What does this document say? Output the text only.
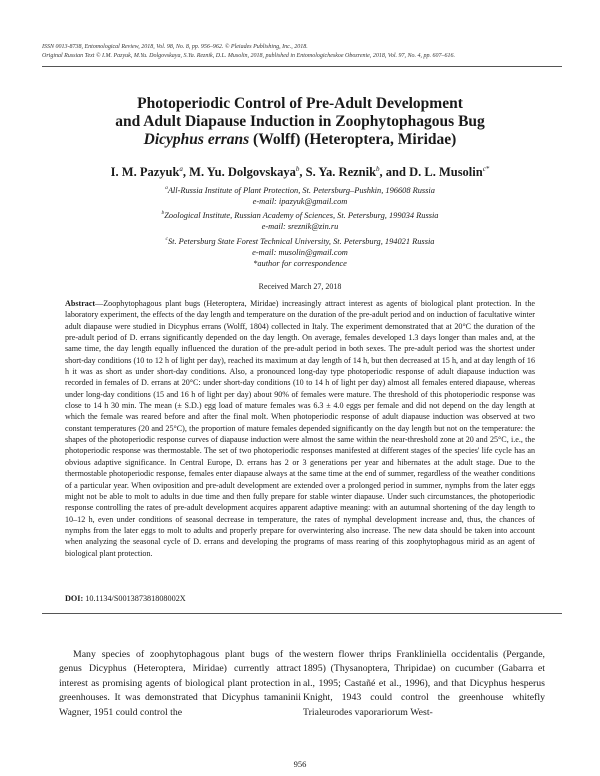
ISSN 0013-8738, Entomological Review, 2018, Vol. 98, No. 8, pp. 956–962. © Pleiades Publishing, Inc., 2018.
Original Russian Text © I.M. Pazyuk, M.Yu. Dolgovskaya, S.Ya. Reznik, D.L. Musolin, 2018, published in Entomologicheskoe Obozrenie, 2018, Vol. 97, No. 4, pp. 607–616.
Photoperiodic Control of Pre-Adult Development
and Adult Diapause Induction in Zoophytophagous Bug
Dicyphus errans (Wolff) (Heteroptera, Miridae)
I. M. Pazyuk$^a$, M. Yu. Dolgovskaya$^b$, S. Ya. Reznik$^b$, and D. L. Musolin$^{c*}$
$^a$All-Russia Institute of Plant Protection, St. Petersburg–Pushkin, 196608 Russia
e-mail: ipazyuk@gmail.com
$^b$Zoological Institute, Russian Academy of Sciences, St. Petersburg, 199034 Russia
e-mail: sreznik@zin.ru
$^c$St. Petersburg State Forest Technical University, St. Petersburg, 194021 Russia
e-mail: musolin@gmail.com
*author for correspondence
Received March 27, 2018

Abstract—Zoophytophagous plant bugs (Heteroptera, Miridae) increasingly attract interest as agents of biological plant protection. In the laboratory experiment, the effects of the day length and temperature on the duration of the pre-adult period and on induction of facultative winter adult diapause were studied in Dicyphus errans (Wolff, 1804) collected in Italy. The experiment demonstrated that at 20°C the duration of the pre-adult period of D. errans significantly depended on the day length. On average, females developed 1.3 days longer than males and, at the same time, the day length equally influenced the duration of the pre-adult period in both sexes. The pre-adult period was the shortest under short-day conditions (10 to 12 h of light per day), reached its maximum at day length of 14 h, but then decreased at 15 h, and at day length of 16 h it was as short as under short-day conditions. Also, a pronounced long-day type photoperiodic response of adult diapause induction was recorded in females of D. errans at 20°C: under short-day conditions (10 to 14 h of light per day) almost all females entered diapause, whereas under long-day conditions (15 and 16 h of light per day) about 90% of females were mature. The threshold of this photoperiodic response was close to 14 h 30 min. The mean (± S.D.) egg load of mature females was 6.3 ± 4.0 eggs per female and did not depend on the day length at which the female was reared before and after the final molt. When photoperiodic response of adult diapause induction was observed at two constant temperatures (20 and 25°C), the proportion of mature females depended significantly on the day length but not on the temperature: the shapes of the photoperiodic response curves of diapause induction were almost the same within the near-threshold zone at 20 and 25°C, i.e., the photoperiodic response was thermostable. The set of two photoperiodic responses manifested at different stages of the species' life cycle has an obvious adaptive significance. In Central Europe, D. errans has 2 or 3 generations per year and hibernates at the adult stage. Due to the thermostable photoperiodic response, females enter diapause always at the same time at the end of summer, regardless of the weather conditions of a particular year. When oviposition and pre-adult development are extended over a prolonged period in summer, nymphs from the later eggs might not be able to molt to adults in due time and then fully prepare for stable winter diapause. Under such circumstances, the photoperiodic response controlling the rates of pre-adult development acquires apparent adaptive meaning: with an autumnal shortening of the day length to 10–12 h, even under conditions of seasonal decrease in temperature, the rates of nymphal development increase and, thus, the chances of nymphs from the later eggs to molt to adults and properly prepare for overwintering also increase. The new data should be taken into account when analyzing the seasonal cycle of D. errans and developing the programs of mass rearing of this zoophytophagous mirid as an agent of biological plant protection.

DOI: 10.1134/S001387381808002X

Many species of zoophytophagous plant bugs of the genus Dicyphus (Heteroptera, Miridae) currently attract interest as promising agents of biological plant protection in greenhouses. It was demonstrated that Dicyphus tamaninii Wagner, 1951 could control the

western flower thrips Frankliniella occidentalis (Pergande, 1895) (Thysanoptera, Thripidae) on cucumber (Gabarra et al., 1995; Castañé et al., 1996), and that Dicyphus hesperus Knight, 1943 could control the greenhouse whitefly Trialeurodes vaporariorum West-

956
